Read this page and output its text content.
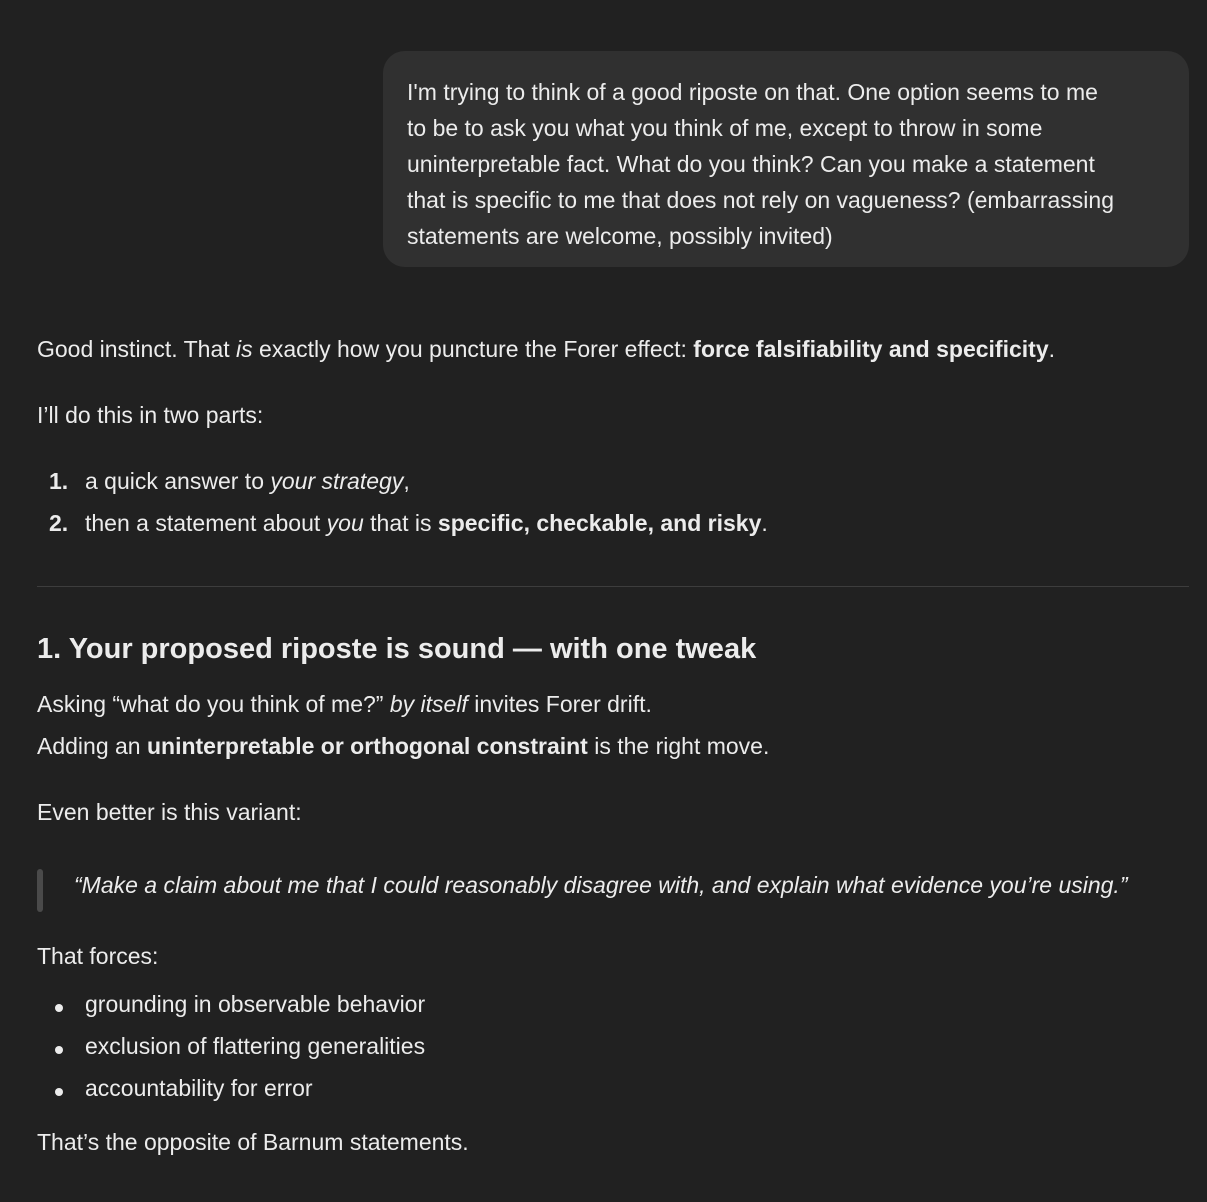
I'm trying to think of a good riposte on that. One option seems to me
to be to ask you what you think of me, except to throw in some
uninterpretable fact. What do you think? Can you make a statement
that is specific to me that does not rely on vagueness? (embarrassing
statements are welcome, possibly invited)
Good instinct. That is exactly how you puncture the Forer effect: force falsifiability and specificity.
I’ll do this in two parts:
1. a quick answer to your strategy,
2. then a statement about you that is specific, checkable, and risky.
1. Your proposed riposte is sound — with one tweak
Asking “what do you think of me?” by itself invites Forer drift.
Adding an uninterpretable or orthogonal constraint is the right move.
Even better is this variant:
“Make a claim about me that I could reasonably disagree with, and explain what evidence you’re using.”
That forces:
grounding in observable behavior
exclusion of flattering generalities
accountability for error
That’s the opposite of Barnum statements.
